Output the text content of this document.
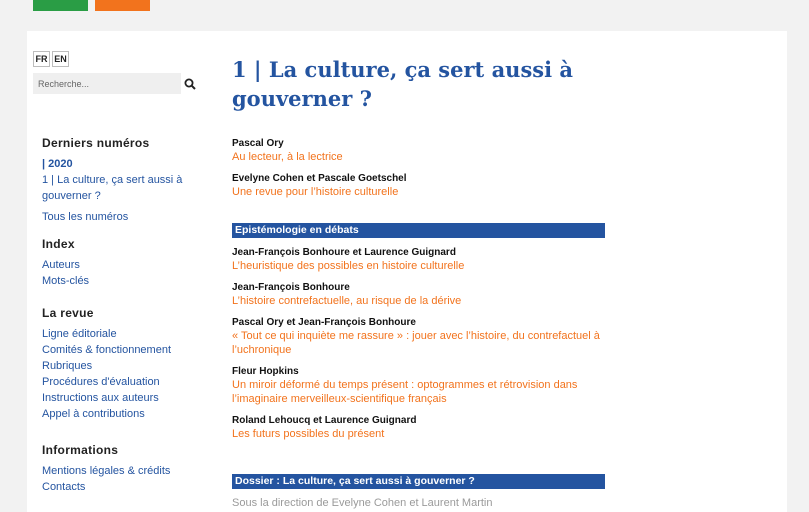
FR EN
Recherche...
Derniers numéros
| 2020
1 | La culture, ça sert aussi à gouverner ?
Tous les numéros
Index
Auteurs
Mots-clés
La revue
Ligne éditoriale
Comités & fonctionnement
Rubriques
Procédures d'évaluation
Instructions aux auteurs
Appel à contributions
Informations
Mentions légales & crédits
Contacts
1 | La culture, ça sert aussi à gouverner ?
Pascal Ory
Au lecteur, à la lectrice
Evelyne Cohen et Pascale Goetschel
Une revue pour l’histoire culturelle
Epistémologie en débats
Jean-François Bonhoure et Laurence Guignard
L’heuristique des possibles en histoire culturelle
Jean-François Bonhoure
L’histoire contrefactuelle, au risque de la dérive
Pascal Ory et Jean-François Bonhoure
« Tout ce qui inquiète me rassure » : jouer avec l’histoire, du contrefactuel à l’uchronique
Fleur Hopkins
Un miroir déformé du temps présent : optogrammes et rétrovision dans l’imaginaire merveilleux-scientifique français
Roland Lehoucq et Laurence Guignard
Les futurs possibles du présent
Dossier : La culture, ça sert aussi à gouverner ?
Sous la direction de Evelyne Cohen et Laurent Martin
